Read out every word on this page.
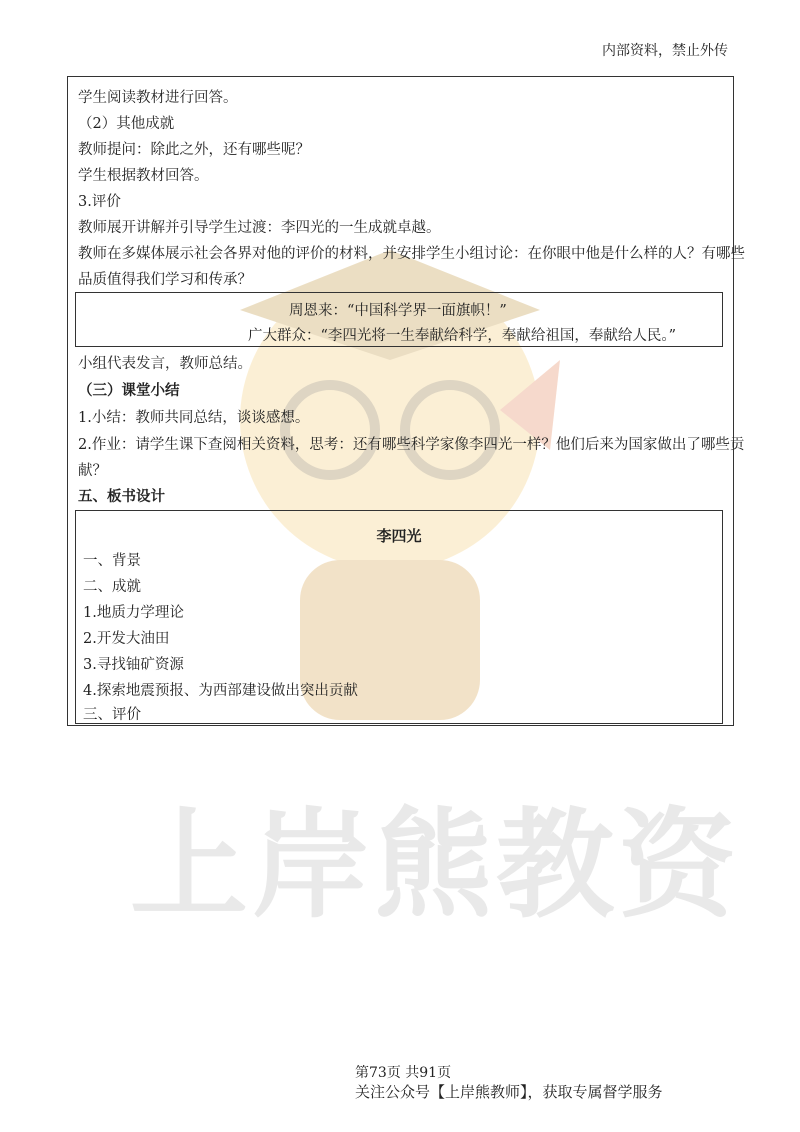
上岸熊教资
内部资料，禁止外传
学生阅读教材进行回答。
（2）其他成就
教师提问：除此之外，还有哪些呢？
学生根据教材回答。
3.评价
教师展开讲解并引导学生过渡：李四光的一生成就卓越。
教师在多媒体展示社会各界对他的评价的材料，并安排学生小组讨论：在你眼中他是什么样的人？有哪些
品质值得我们学习和传承？
周恩来：“中国科学界一面旗帜！”
广大群众：“李四光将一生奉献给科学，奉献给祖国，奉献给人民。”
小组代表发言，教师总结。
（三）课堂小结
1.小结：教师共同总结，谈谈感想。
2.作业：请学生课下查阅相关资料，思考：还有哪些科学家像李四光一样？他们后来为国家做出了哪些贡
献？
五、板书设计
李四光
一、背景
二、成就
1.地质力学理论
2.开发大油田
3.寻找铀矿资源
4.探索地震预报、为西部建设做出突出贡献
三、评价
第73页 共91页
关注公众号【上岸熊教师】，获取专属督学服务
